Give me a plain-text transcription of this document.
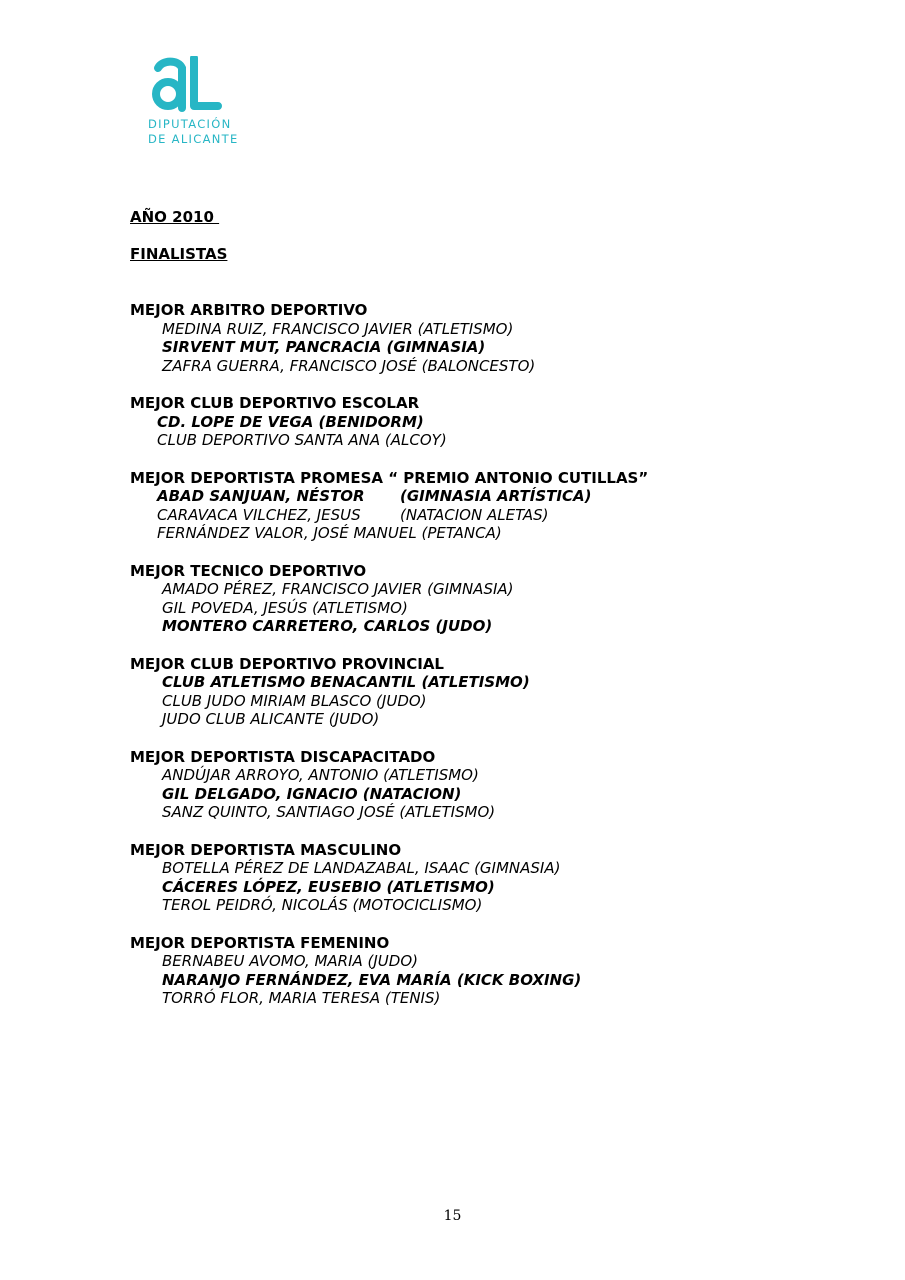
DIPUTACIÓN
DE ALICANTE
AÑO 2010
FINALISTAS
MEJOR ARBITRO DEPORTIVO
MEDINA RUIZ, FRANCISCO JAVIER (ATLETISMO)
SIRVENT MUT, PANCRACIA (GIMNASIA)
ZAFRA GUERRA, FRANCISCO JOSÉ (BALONCESTO)
MEJOR CLUB DEPORTIVO ESCOLAR
CD. LOPE DE VEGA (BENIDORM)
CLUB DEPORTIVO SANTA ANA (ALCOY)
MEJOR DEPORTISTA PROMESA “ PREMIO ANTONIO CUTILLAS”
ABAD SANJUAN, NÉSTOR (GIMNASIA ARTÍSTICA)
CARAVACA VILCHEZ, JESUS	(NATACION ALETAS)
FERNÁNDEZ VALOR, JOSÉ MANUEL (PETANCA)
MEJOR TECNICO DEPORTIVO
AMADO PÉREZ, FRANCISCO JAVIER (GIMNASIA)
GIL POVEDA, JESÚS (ATLETISMO)
MONTERO CARRETERO, CARLOS (JUDO)
MEJOR CLUB DEPORTIVO PROVINCIAL
CLUB ATLETISMO BENACANTIL (ATLETISMO)
CLUB JUDO MIRIAM BLASCO (JUDO)
JUDO CLUB ALICANTE (JUDO)
MEJOR DEPORTISTA DISCAPACITADO
ANDÚJAR ARROYO, ANTONIO (ATLETISMO)
GIL DELGADO, IGNACIO (NATACION)
SANZ QUINTO, SANTIAGO JOSÉ (ATLETISMO)
MEJOR DEPORTISTA MASCULINO
BOTELLA PÉREZ DE LANDAZABAL, ISAAC (GIMNASIA)
CÁCERES LÓPEZ, EUSEBIO (ATLETISMO)
TEROL PEIDRÓ, NICOLÁS (MOTOCICLISMO)
MEJOR DEPORTISTA FEMENINO
BERNABEU AVOMO, MARIA (JUDO)
NARANJO FERNÁNDEZ, EVA MARÍA (KICK BOXING)
TORRÓ FLOR, MARIA TERESA (TENIS)
15
